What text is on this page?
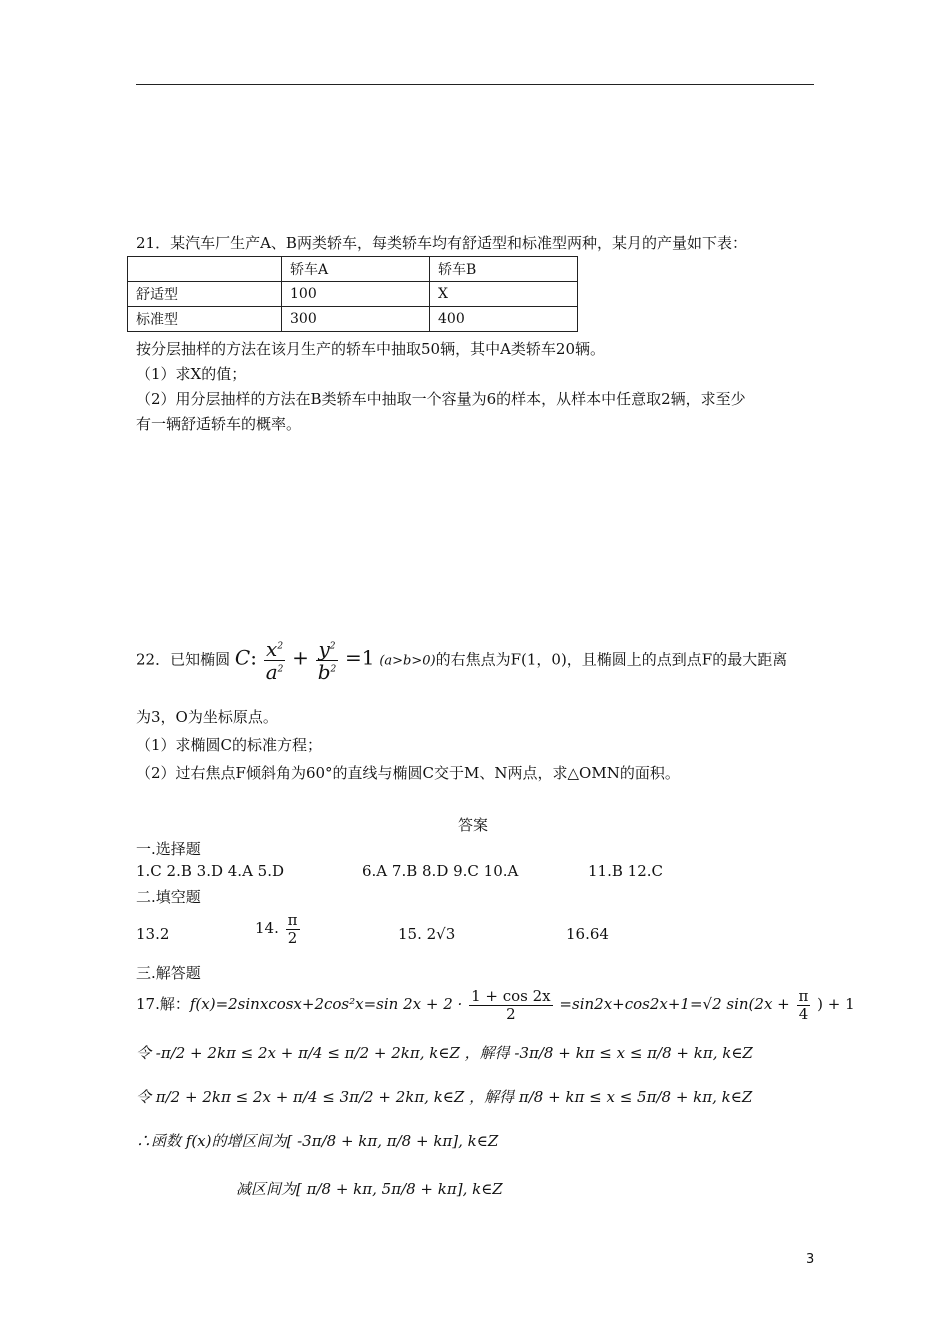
21．某汽车厂生产A、B两类轿车，每类轿车均有舒适型和标准型两种，某月的产量如下表：
	轿车A	轿车B
舒适型	100	X
标准型	300	400
按分层抽样的方法在该月生产的轿车中抽取50辆，其中A类轿车20辆。
（1）求X的值；
（2）用分层抽样的方法在B类轿车中抽取一个容量为6的样本，从样本中任意取2辆，求至少
有一辆舒适轿车的概率。
22．已知椭圆 C: $\frac{x^2}{a^2} + \frac{y^2}{b^2} =1$ (a>b>0)的右焦点为F(1，0)，且椭圆上的点到点F的最大距离
为3，O为坐标原点。
（1）求椭圆C的标准方程；
（2）过右焦点F倾斜角为60°的直线与椭圆C交于M、N两点，求△OMN的面积。
答案
一.选择题
1.C 2.B 3.D 4.A 5.D	6.A 7.B 8.D 9.C 10.A	11.B 12.C
二.填空题
13.2	14. $\frac{\pi}{2}$	15. 2√3	16.64
三.解答题
17.解：f(x)=2sinxcosx+2cos²x=sin $2x + 2 \cdot \frac{1 + \cos 2x}{2} =\sin 2x+\cos 2x+1=√2$ $\sin(2x + \frac{\pi}{4}$ ) + 1
令 -π/2 + 2kπ ≤ 2x + π/4 ≤ π/2 + 2kπ, k∈Z ，解得 -3π/8 + kπ ≤ x ≤ π/8 + kπ, k∈Z
令 π/2 + 2kπ ≤ 2x + π/4 ≤ 3π/2 + 2kπ, k∈Z ，解得 π/8 + kπ ≤ x ≤ 5π/8 + kπ, k∈Z
∴函数 f(x)的增区间为[ -3π/8 + kπ, π/8 + kπ], k∈Z
减区间为[ π/8 + kπ, 5π/8 + kπ], k∈Z
3
